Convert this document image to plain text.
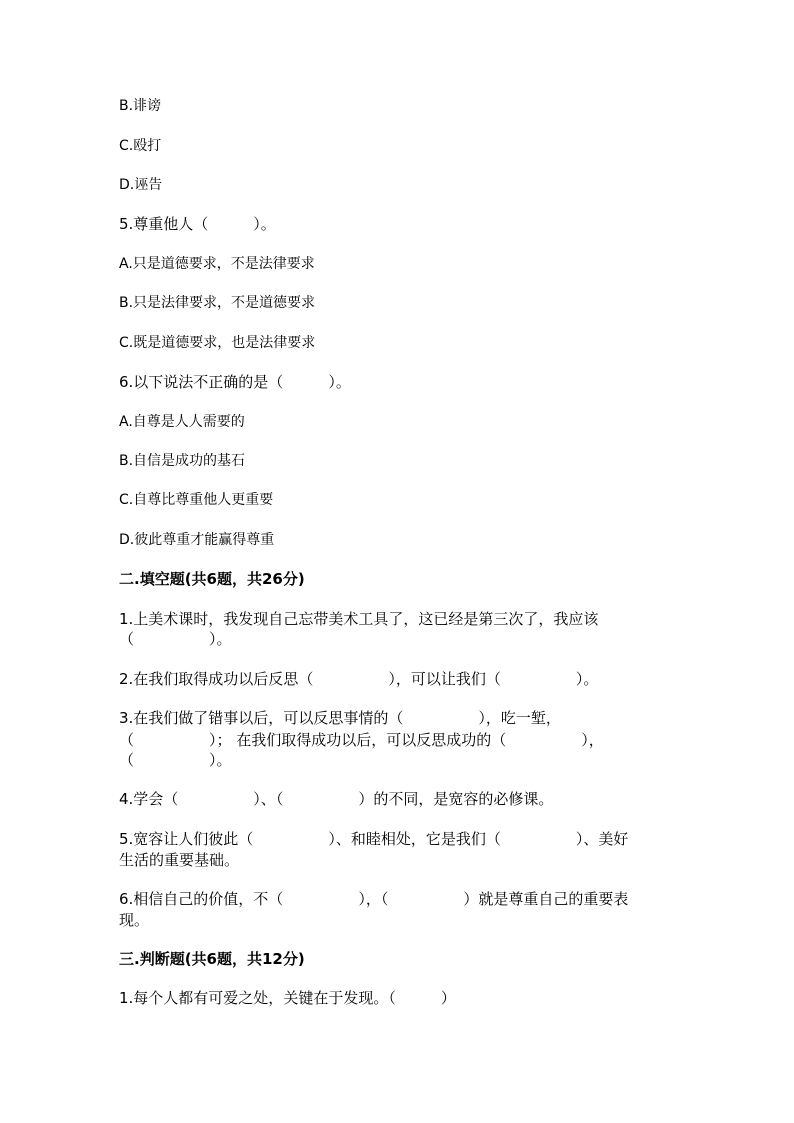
B.诽谤
C.殴打
D.诬告
5.尊重他人（　　　）。
A.只是道德要求，不是法律要求
B.只是法律要求，不是道德要求
C.既是道德要求，也是法律要求
6.以下说法不正确的是（　　　）。
A.自尊是人人需要的
B.自信是成功的基石
C.自尊比尊重他人更重要
D.彼此尊重才能赢得尊重
二.填空题(共6题，共26分)
1.上美术课时，我发现自己忘带美术工具了，这已经是第三次了，我应该
（　　　　　）。
2.在我们取得成功以后反思（　　　　　），可以让我们（　　　　　）。
3.在我们做了错事以后，可以反思事情的（　　　　　），吃一堑，
（　　　　　）； 在我们取得成功以后，可以反思成功的（　　　　　），
（　　　　　）。
4.学会（　　　　　）、（　　　　　）的不同，是宽容的必修课。
5.宽容让人们彼此（　　　　　）、和睦相处，它是我们（　　　　　）、美好
生活的重要基础。
6.相信自己的价值，不（　　　　　），（　　　　　）就是尊重自己的重要表
现。
三.判断题(共6题，共12分)
1.每个人都有可爱之处，关键在于发现。（　　　）
